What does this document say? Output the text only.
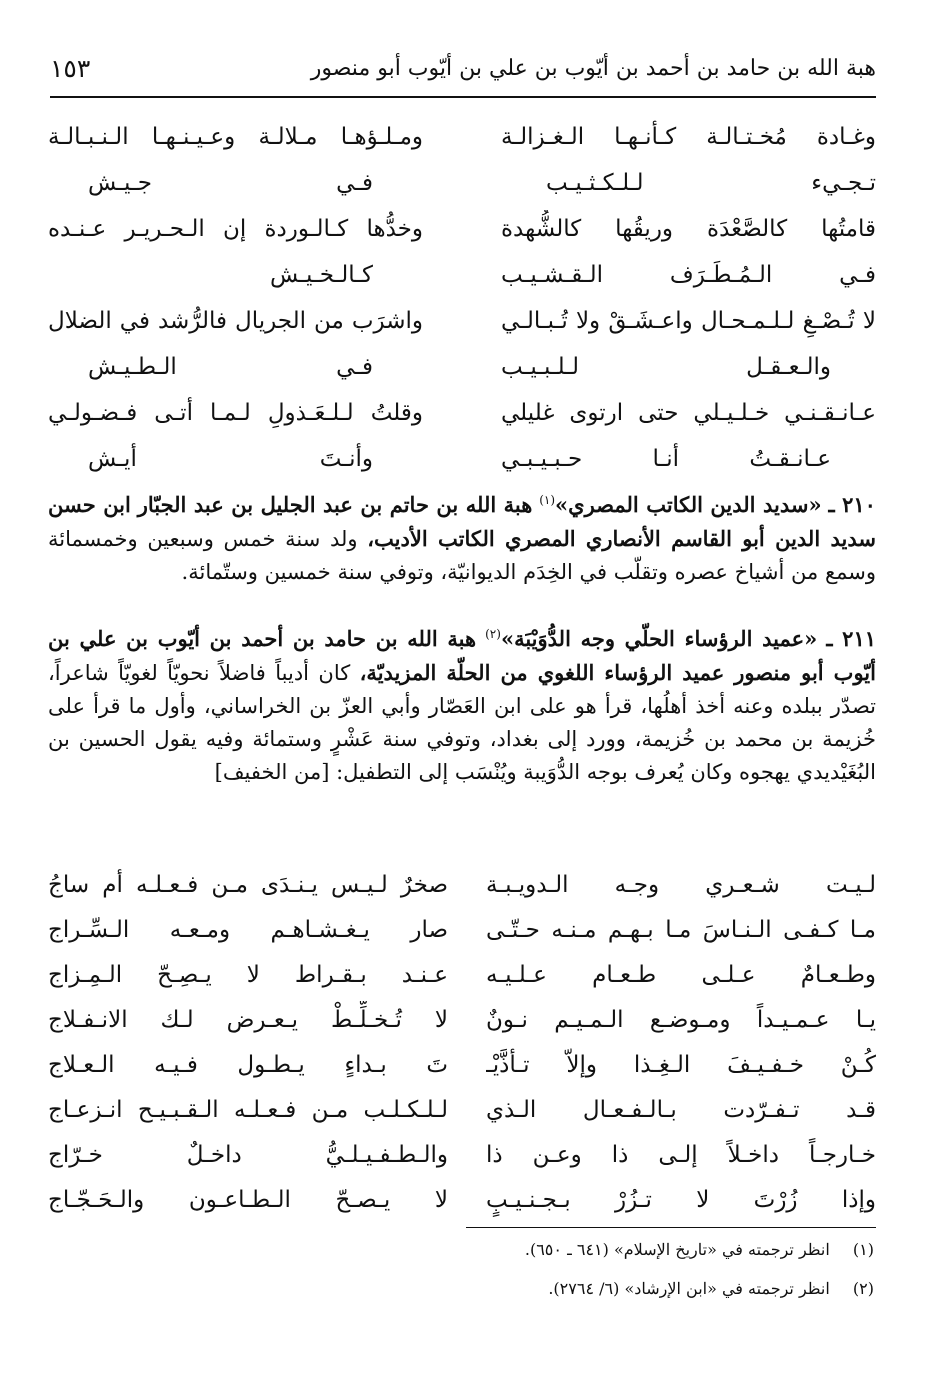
هبة الله بن حامد بن أحمد بن أيّوب بن علي بن أيّوب أبو منصور
١٥٣
وغـادة مُخـتـالـة كـأنـهـا الـغـزالـة
ومـلـؤهـا مـلالـة وعـيـنـهـا الـنـبـالـة
تـجـيء لـلـكـثـيـب
فـي جـيـش
قامتُها كالصَّعْدَة وريقُها كالشُّهدة
وخدُّها كـالـوردة إن الـحـريـر عـنـده
فـي الـمُـطَـرَف الـقـشـيـب
كـالـخـيـش
لا تُـصْـغِ لـلـمـحـال واعـشَـقْ ولا تُـبـالـي
واشرَب من الجريال فالرُّشد في الضلال
والـعـقـل لـلـبـيـب
فـي الـطـيـش
عـانـقـنـي خـلـيـلي حتى ارتوى غليلي
وقلتُ لـلـعَـذولِ لـمـا أتـى فـضـولـي
عـانـقـتُ أنـا حـبـيـبـي
وأنـتَ أيـش

٢١٠ ـ «سديد الدين الكاتب المصري»$^{(١)}$ هبة الله بن حاتم بن عبد الجليل بن عبد الجبّار ابن حسن سديد الدين أبو القاسم الأنصاري المصري الكاتب الأديب، ولد سنة خمس وسبعين وخمسمائة وسمع من أشياخ عصره وتقلّب في الخِدَم الديوانيّة، وتوفي سنة خمسين وستّمائة.

٢١١ ـ «عميد الرؤساء الحلّي وجه الدُّوَيْبَة»$^{(٢)}$ هبة الله بن حامد بن أحمد بن أيّوب بن علي بن أيّوب أبو منصور عميد الرؤساء اللغوي من الحلّة المزيديّة، كان أديباً فاضلاً نحويّاً لغويّاً شاعراً، تصدّر ببلده وعنه أخذ أهلُها، قرأ هو على ابن العَصّار وأبي العزّ بن الخراساني، وأول ما قرأ على خُزيمة بن محمد بن خُزيمة، وورد إلى بغداد، وتوفي سنة عَشْرٍ وستمائة وفيه يقول الحسين بن البُغَيْديدي يهجوه وكان يُعرف بوجه الدُّوَيبة ويُنْسَب إلى التطفيل: [من الخفيف]

لـيـت شـعـري وجـه الـدويـبـة
صخرٌ لـيـس يـنـدَى مـن فـعـلـه أم ساجُ
مـا كـفـى الـنـاسَ مـا بـهـم مـنـه حـتّـى
صار يـغـشـاهـم ومـعـه الـسِّـراج
وطـعـامٌ عـلـى طـعـام عـلـيـه
عـنـد بـقـراط لا يـصِـحّ الـمِـزاج
يـا عـمـيـداً ومـوضـع الـمـيـم نـونٌ
لا تُـخـلِّـطْ يـعـرض لـك الانـفـلاج
كُـنْ خـفـيـفَ الـغِـذا وإلاّ تـأذَّيْـ
تَ بـداءٍ يـطـول فـيـه الـعـلاج
قـد تـفـرّدت بـالـفـعـال الـذي
لـلـكـلـب مـن فـعـلـه الـقـبـيـح انـزعـاج
خـارجـاً داخـلاً إلـى ذا وعـن ذا
والـطـفـيـلـيُّ داخـلٌ خـرّاج
وإذا زُرْتَ لا تـزُرْ بـجـنـيـبٍ
لا يـصـحّ الـطـاعـون والـحَـجّـاج
(١) انظر ترجمته في «تاريخ الإسلام» (٦٤١ ـ ٦٥٠).
(٢) انظر ترجمته في «ابن الإرشاد» (٦/ ٢٧٦٤).
